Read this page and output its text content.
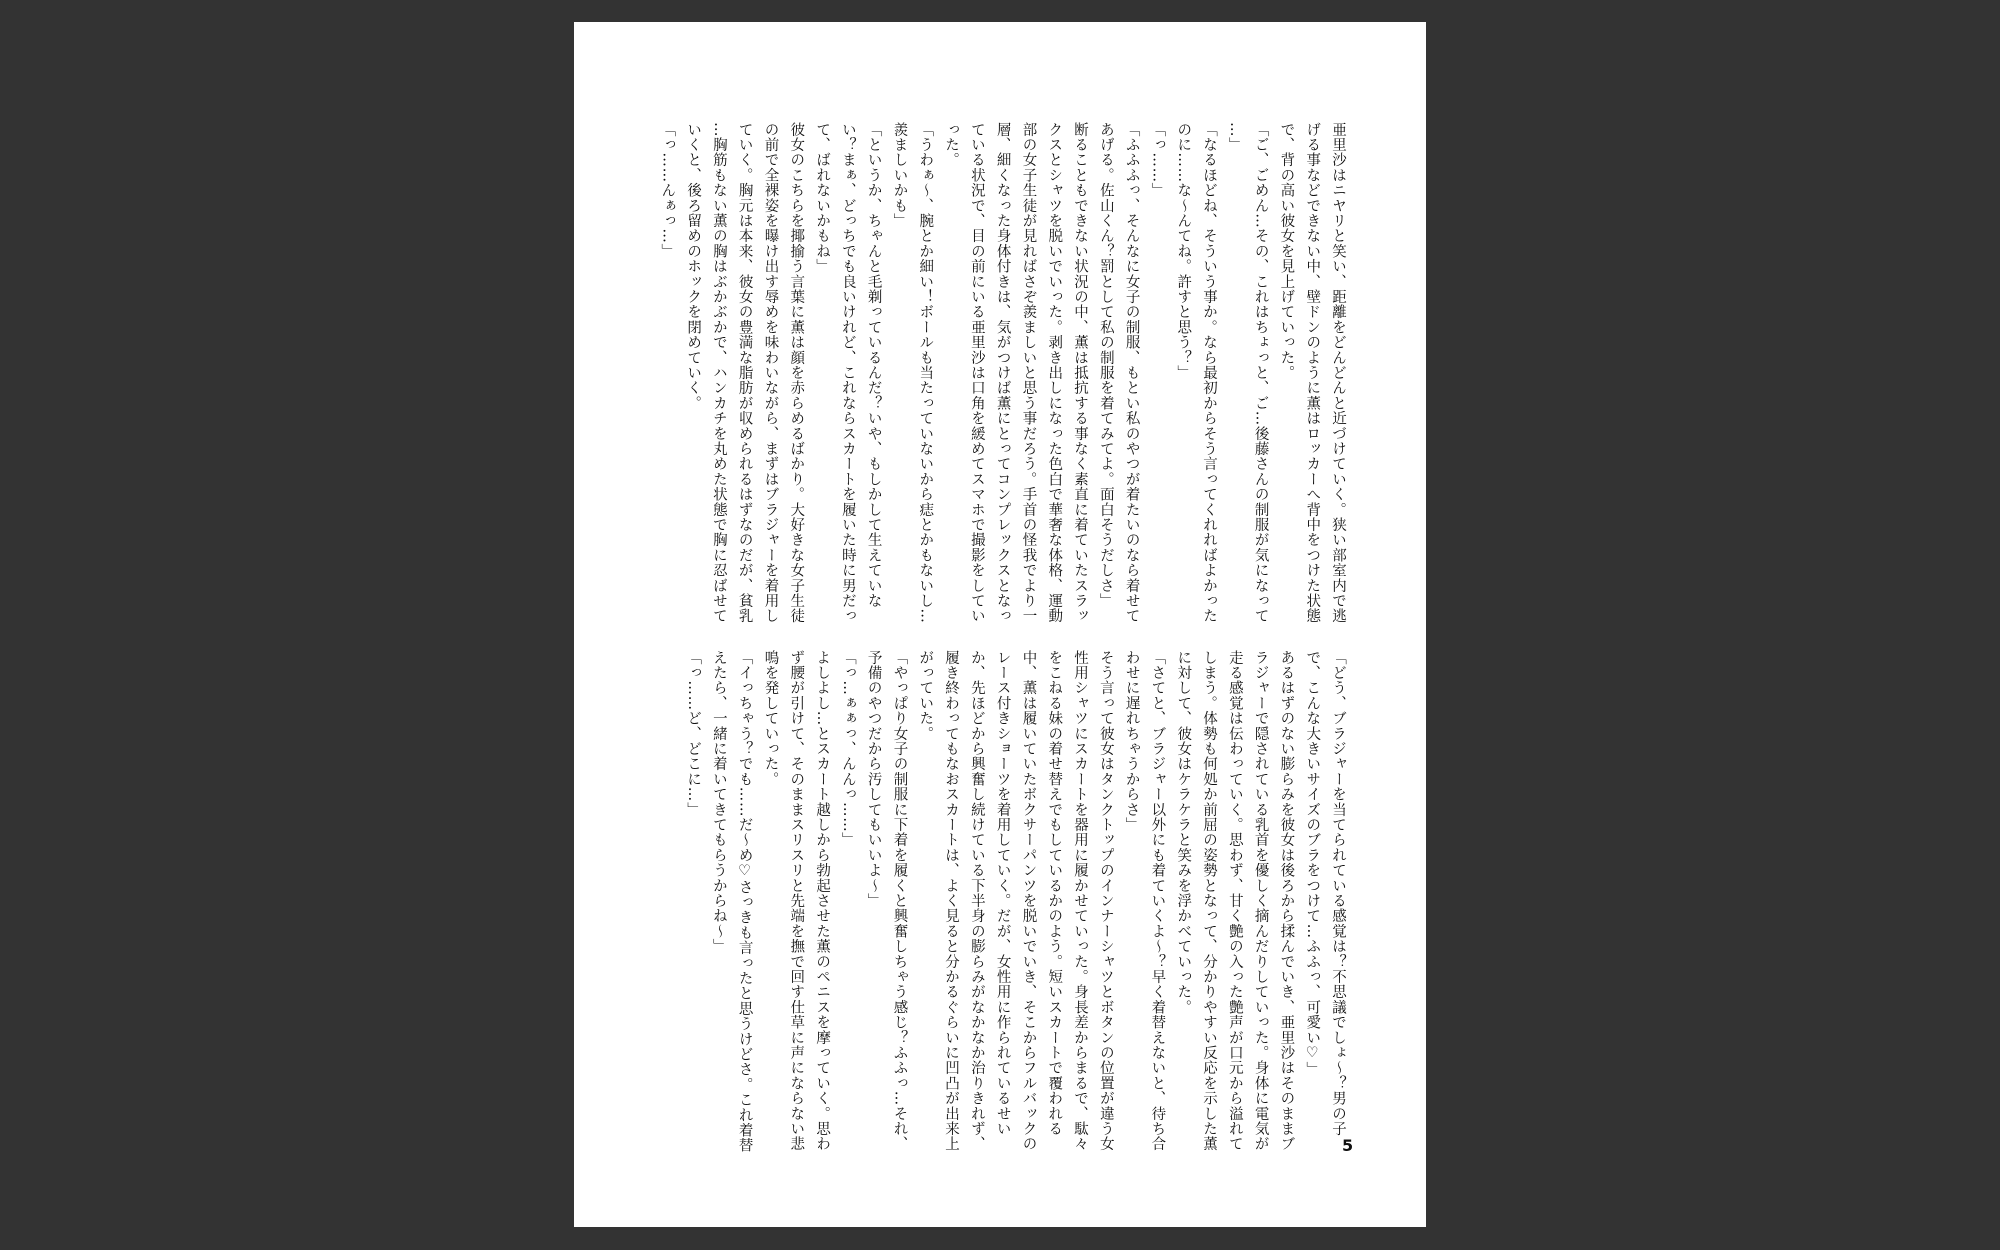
亜里沙はニヤリと笑い、距離をどんどんと近づけていく。狭い部室内で逃
げる事などできない中、壁ドンのように薫はロッカーへ背中をつけた状態
で、背の高い彼女を見上げていった。
「ご、ごめん…その、これはちょっと、ご…後藤さんの制服が気になって
…」
「なるほどね、そういう事か。なら最初からそう言ってくれればよかった
のに……な〜んてね。許すと思う？」
「っ……」
「ふふふっ、そんなに女子の制服、もとい私のやつが着たいのなら着せて
あげる。佐山くん？罰として私の制服を着てみてよ。面白そうだしさ」
断ることもできない状況の中、薫は抵抗する事なく素直に着ていたスラッ
クスとシャツを脱いでいった。剥き出しになった色白で華奢な体格、運動
部の女子生徒が見ればさぞ羨ましいと思う事だろう。手首の怪我でより一
層、細くなった身体付きは、気がつけば薫にとってコンプレックスとなっ
ている状況で、目の前にいる亜里沙は口角を緩めてスマホで撮影をしてい
った。
「うわぁ〜、腕とか細い！ボールも当たっていないから痣とかもないし…
羨ましいかも」
「というか、ちゃんと毛剃っているんだ？いや、もしかして生えていな
い？まぁ、どっちでも良いけれど、これならスカートを履いた時に男だっ
て、ばれないかもね」
彼女のこちらを揶揄う言葉に薫は顔を赤らめるばかり。大好きな女子生徒
の前で全裸姿を曝け出す辱めを味わいながら、まずはブラジャーを着用し
ていく。胸元は本来、彼女の豊満な脂肪が収められるはずなのだが、貧乳
…胸筋もない薫の胸はぶかぶかで、ハンカチを丸めた状態で胸に忍ばせて
いくと、後ろ留めのホックを閉めていく。
「っ……んぁっ…」
「どう、ブラジャーを当てられている感覚は？不思議でしょ〜？男の子
で、こんな大きいサイズのブラをつけて…ふふっ、可愛い♡」
あるはずのない膨らみを彼女は後ろから揉んでいき、亜里沙はそのままブ
ラジャーで隠されている乳首を優しく摘んだりしていった。身体に電気が
走る感覚は伝わっていく。思わず、甘く艶の入った艶声が口元から溢れて
しまう。体勢も何処か前屈の姿勢となって、分かりやすい反応を示した薫
に対して、彼女はケラケラと笑みを浮かべていった。
「さてと、ブラジャー以外にも着ていくよ〜？早く着替えないと、待ち合
わせに遅れちゃうからさ」
そう言って彼女はタンクトップのインナーシャツとボタンの位置が違う女
性用シャツにスカートを器用に履かせていった。身長差からまるで、駄々
をこねる妹の着せ替えでもしているかのよう。短いスカートで覆われる
中、薫は履いていたボクサーパンツを脱いでいき、そこからフルバックの
レース付きショーツを着用していく。だが、女性用に作られているせい
か、先ほどから興奮し続けている下半身の膨らみがなかなか治りきれず、
履き終わってもなおスカートは、よく見ると分かるぐらいに凹凸が出来上
がっていた。
「やっぱり女子の制服に下着を履くと興奮しちゃう感じ？ふふっ…それ、
予備のやつだから汚してもいいよ〜」
「っ…ぁぁっ、んんっ……」
よしよし…とスカート越しから勃起させた薫のペニスを摩っていく。思わ
ず腰が引けて、そのままスリスリと先端を撫で回す仕草に声にならない悲
鳴を発していった。
「イっちゃう？でも……だ〜め♡さっきも言ったと思うけどさ。これ着替
えたら、一緒に着いてきてもらうからね〜」
「っ……ど、どこに…」
5
